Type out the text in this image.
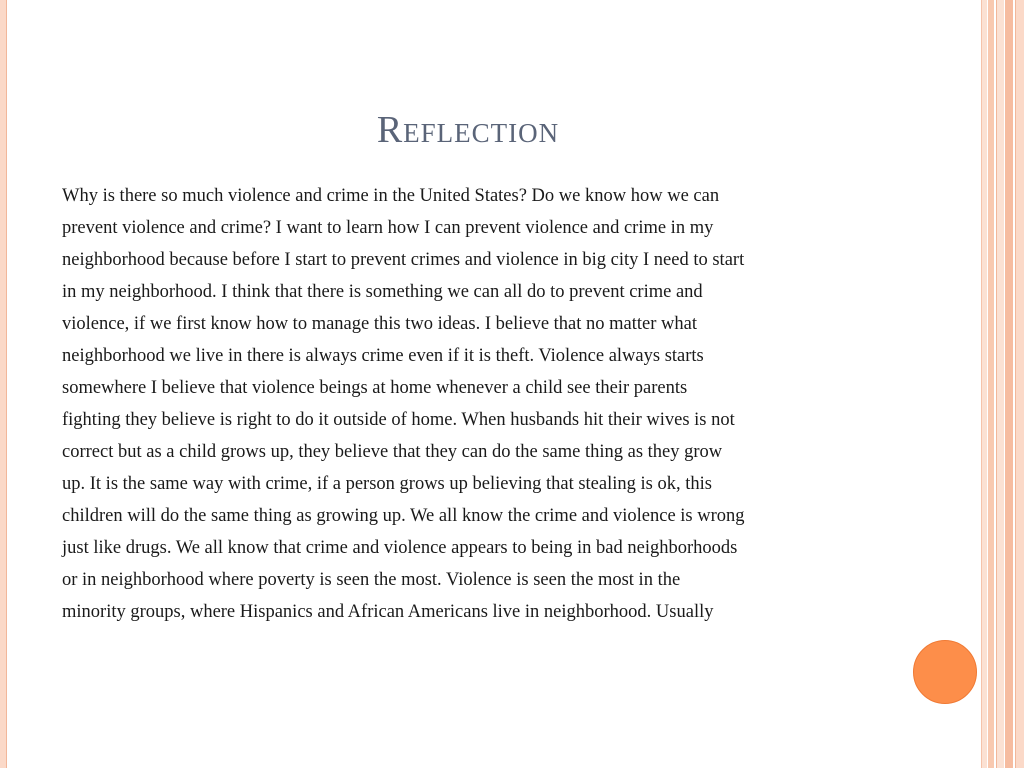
Reflection

Why is there so much violence and crime in the United States? Do we know how we can

prevent violence and crime? I want to learn how I can prevent violence and crime in my

neighborhood because before I start to prevent crimes and violence in big city I need to start

in my neighborhood. I think that there is something we can all do to prevent crime and

violence, if we first know how to manage this two ideas. I believe that no matter what

neighborhood we live in there is always crime even if it is theft. Violence always starts

somewhere I believe that violence beings at home whenever a child see their parents

fighting they believe is right to do it outside of home. When husbands hit their wives is not

correct but as a child grows up, they believe that they can do the same thing as they grow

up. It is the same way with crime, if a person grows up believing that stealing is ok, this

children will do the same thing as growing up. We all know the crime and violence is wrong

just like drugs. We all know that crime and violence appears to being in bad neighborhoods

or in neighborhood where poverty is seen the most. Violence is seen the most in the

minority groups, where Hispanics and African Americans live in neighborhood. Usually
